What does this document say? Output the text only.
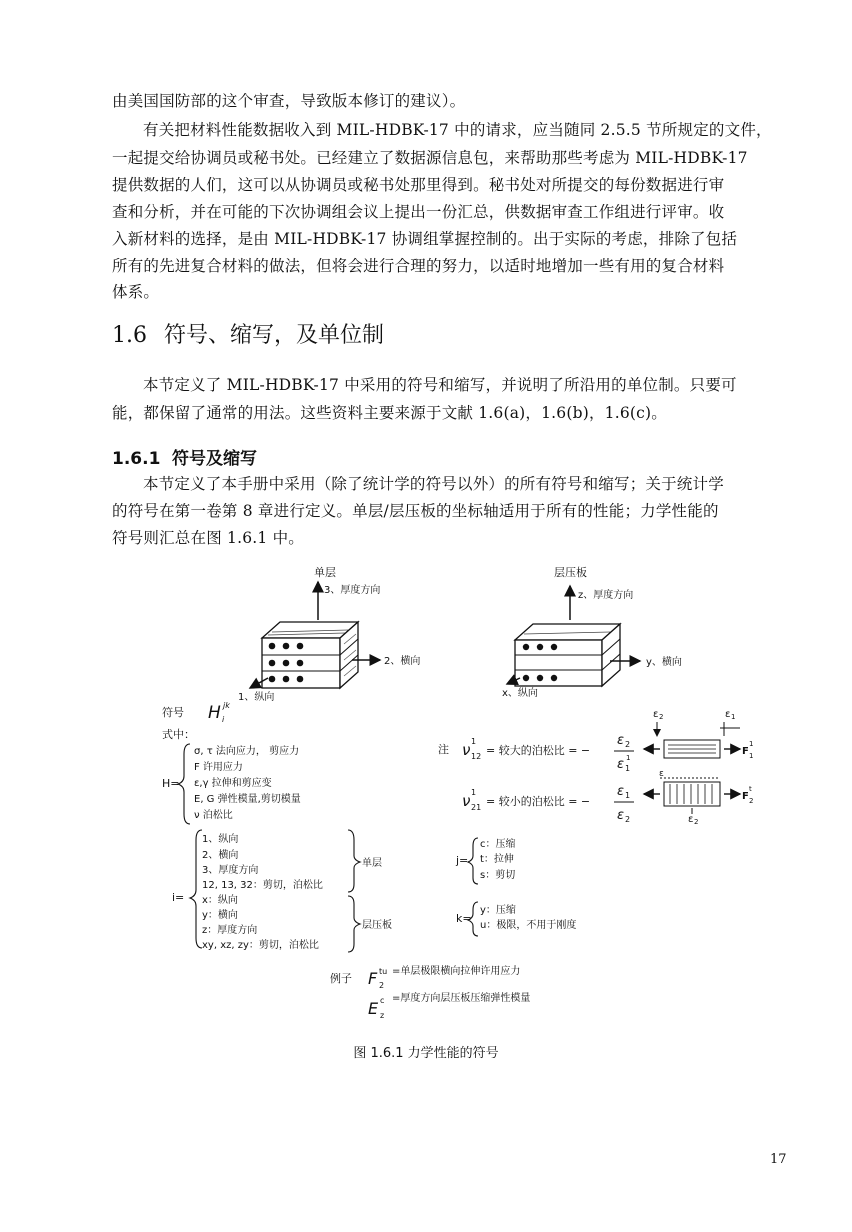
由美国国防部的这个审查，导致版本修订的建议）。
有关把材料性能数据收入到 MIL-HDBK-17 中的请求，应当随同 2.5.5 节所规定的文件，
一起提交给协调员或秘书处。已经建立了数据源信息包，来帮助那些考虑为 MIL-HDBK-17
提供数据的人们，这可以从协调员或秘书处那里得到。秘书处对所提交的每份数据进行审
查和分析，并在可能的下次协调组会议上提出一份汇总，供数据审查工作组进行评审。收
入新材料的选择，是由 MIL-HDBK-17 协调组掌握控制的。出于实际的考虑，排除了包括
所有的先进复合材料的做法，但将会进行合理的努力，以适时地增加一些有用的复合材料
体系。
1.6 符号、缩写，及单位制
本节定义了 MIL-HDBK-17 中采用的符号和缩写，并说明了所沿用的单位制。只要可
能，都保留了通常的用法。这些资料主要来源于文献 1.6(a)，1.6(b)，1.6(c)。
1.6.1 符号及缩写
本节定义了本手册中采用（除了统计学的符号以外）的所有符号和缩写；关于统计学
的符号在第一卷第 8 章进行定义。单层/层压板的坐标轴适用于所有的性能；力学性能的
符号则汇总在图 1.6.1 中。
单层
3、厚度方向
2、横向
1、纵向
层压板
z、厚度方向
y、横向
x、纵向
符号 H jk
i
式中：
H=
σ, τ 法向应力， 剪应力
F 许用应力
ε,γ 拉伸和剪应变
E, G 弹性模量,剪切模量
ν 泊松比
i=
1、纵向
2、横向
3、厚度方向
12, 13, 32：剪切，泊松比
单层
x：纵向
y：横向
z：厚度方向
xy, xz, zy：剪切，泊松比
层压板
注 ν 1
12 = 较大的泊松比 = −
ε 2
ε 1
1
ν 1
21 = 较小的泊松比 = −
ε 1
ε 2
F
1
1
ε 2	ε 1
F
t
2
ε
ε 2
j=
c：压缩
t：拉伸
s：剪切
k=
y：压缩
u：极限，不用于刚度
例子 F tu
2
=单层极限横向拉伸许用应力
E c
z
=厚度方向层压板压缩弹性模量
图 1.6.1 力学性能的符号
17
